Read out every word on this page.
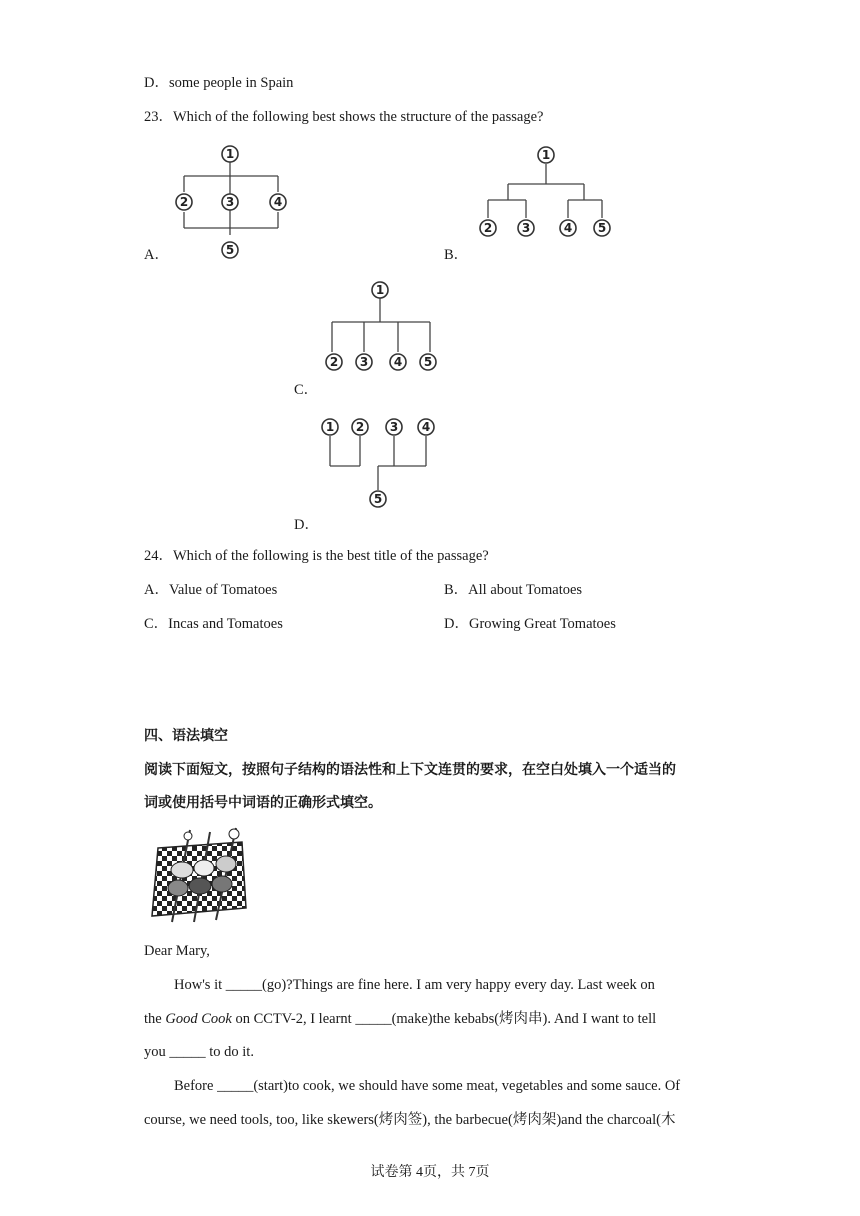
D．some people in Spain
23．Which of the following best shows the structure of the passage?
1
2	3	4
5
A．
1
2 3	4 5
B．
1
2 3 4 5
C．
1 2 3 4
5
D．
24．Which of the following is the best title of the passage?
A．Value of Tomatoes	B．All about Tomatoes
C．Incas and Tomatoes	D．Growing Great Tomatoes
四、语法填空
阅读下面短文，按照句子结构的语法性和上下文连贯的要求，在空白处填入一个适当的
词或使用括号中词语的正确形式填空。
Dear Mary,
How's it _____(go)?Things are fine here. I am very happy every day. Last week on
the Good Cook on CCTV-2, I learnt _____(make)the kebabs(烤肉串). And I want to tell
you _____ to do it.
Before _____(start)to cook, we should have some meat, vegetables and some sauce. Of
course, we need tools, too, like skewers(烤肉签), the barbecue(烤肉架)and the charcoal(木
试卷第 4页，共 7页
